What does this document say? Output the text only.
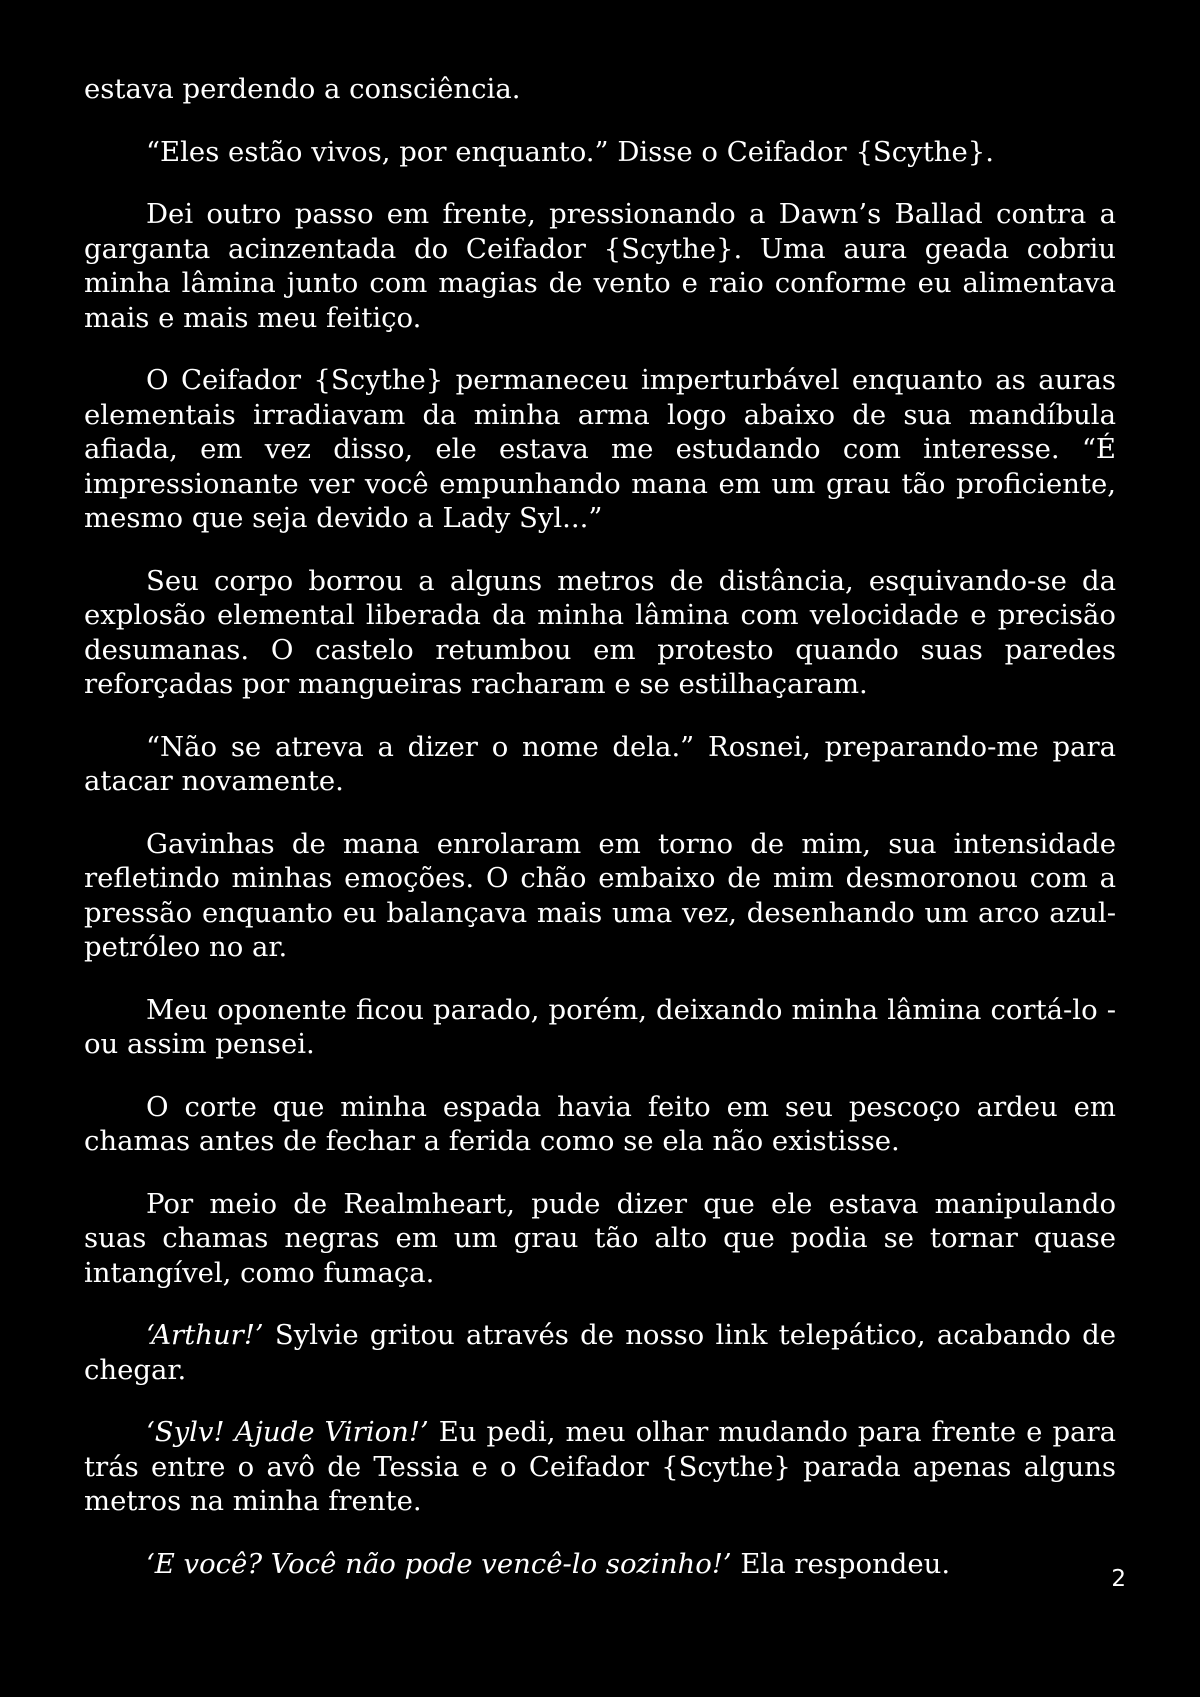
estava perdendo a consciência.

“Eles estão vivos, por enquanto.” Disse o Ceifador {Scythe}.

Dei outro passo em frente, pressionando a Dawn’s Ballad contra a garganta acinzentada do Ceifador {Scythe}. Uma aura geada cobriu minha lâmina junto com magias de vento e raio conforme eu alimentava mais e mais meu feitiço.

O Ceifador {Scythe} permaneceu imperturbável enquanto as auras elementais irradiavam da minha arma logo abaixo de sua mandíbula afiada, em vez disso, ele estava me estudando com interesse. “É impressionante ver você empunhando mana em um grau tão proficiente, mesmo que seja devido a Lady Syl...”

Seu corpo borrou a alguns metros de distância, esquivando-se da explosão elemental liberada da minha lâmina com velocidade e precisão desumanas. O castelo retumbou em protesto quando suas paredes reforçadas por mangueiras racharam e se estilhaçaram.

“Não se atreva a dizer o nome dela.” Rosnei, preparando-me para atacar novamente.

Gavinhas de mana enrolaram em torno de mim, sua intensidade refletindo minhas emoções. O chão embaixo de mim desmoronou com a pressão enquanto eu balançava mais uma vez, desenhando um arco azul-petróleo no ar.

Meu oponente ficou parado, porém, deixando minha lâmina cortá-lo - ou assim pensei.

O corte que minha espada havia feito em seu pescoço ardeu em chamas antes de fechar a ferida como se ela não existisse.

Por meio de Realmheart, pude dizer que ele estava manipulando suas chamas negras em um grau tão alto que podia se tornar quase intangível, como fumaça.

‘Arthur!’ Sylvie gritou através de nosso link telepático, acabando de chegar.

‘Sylv! Ajude Virion!’ Eu pedi, meu olhar mudando para frente e para trás entre o avô de Tessia e o Ceifador {Scythe} parada apenas alguns metros na minha frente.

‘E você? Você não pode vencê-lo sozinho!’ Ela respondeu.	2
